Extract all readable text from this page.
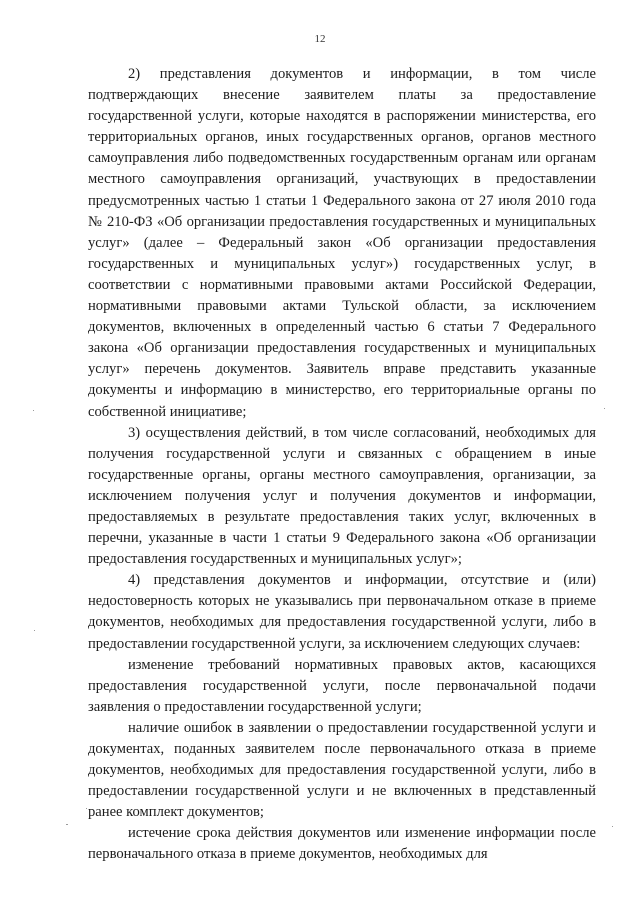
12

2) представления документов и информации, в том числе подтверждающих внесение заявителем платы за предоставление государственной услуги, которые находятся в распоряжении министерства, его территориальных органов, иных государственных органов, органов местного самоуправления либо подведомственных государственным органам или органам местного самоуправления организаций, участвующих в предоставлении предусмотренных частью 1 статьи 1 Федерального закона от 27 июля 2010 года № 210-ФЗ «Об организации предоставления государственных и муниципальных услуг» (далее – Федеральный закон «Об организации предоставления государственных и муниципальных услуг») государственных услуг, в соответствии с нормативными правовыми актами Российской Федерации, нормативными правовыми актами Тульской области, за исключением документов, включенных в определенный частью 6 статьи 7 Федерального закона «Об организации предоставления государственных и муниципальных услуг» перечень документов. Заявитель вправе представить указанные документы и информацию в министерство, его территориальные органы по собственной инициативе;

3) осуществления действий, в том числе согласований, необходимых для получения государственной услуги и связанных с обращением в иные государственные органы, органы местного самоуправления, организации, за исключением получения услуг и получения документов и информации, предоставляемых в результате предоставления таких услуг, включенных в перечни, указанные в части 1 статьи 9 Федерального закона «Об организации предоставления государственных и муниципальных услуг»;

4) представления документов и информации, отсутствие и (или) недостоверность которых не указывались при первоначальном отказе в приеме документов, необходимых для предоставления государственной услуги, либо в предоставлении государственной услуги, за исключением следующих случаев:

изменение требований нормативных правовых актов, касающихся предоставления государственной услуги, после первоначальной подачи заявления о предоставлении государственной услуги;

наличие ошибок в заявлении о предоставлении государственной услуги и документах, поданных заявителем после первоначального отказа в приеме документов, необходимых для предоставления государственной услуги, либо в предоставлении государственной услуги и не включенных в представленный ранее комплект документов;

истечение срока действия документов или изменение информации после первоначального отказа в приеме документов, необходимых для
